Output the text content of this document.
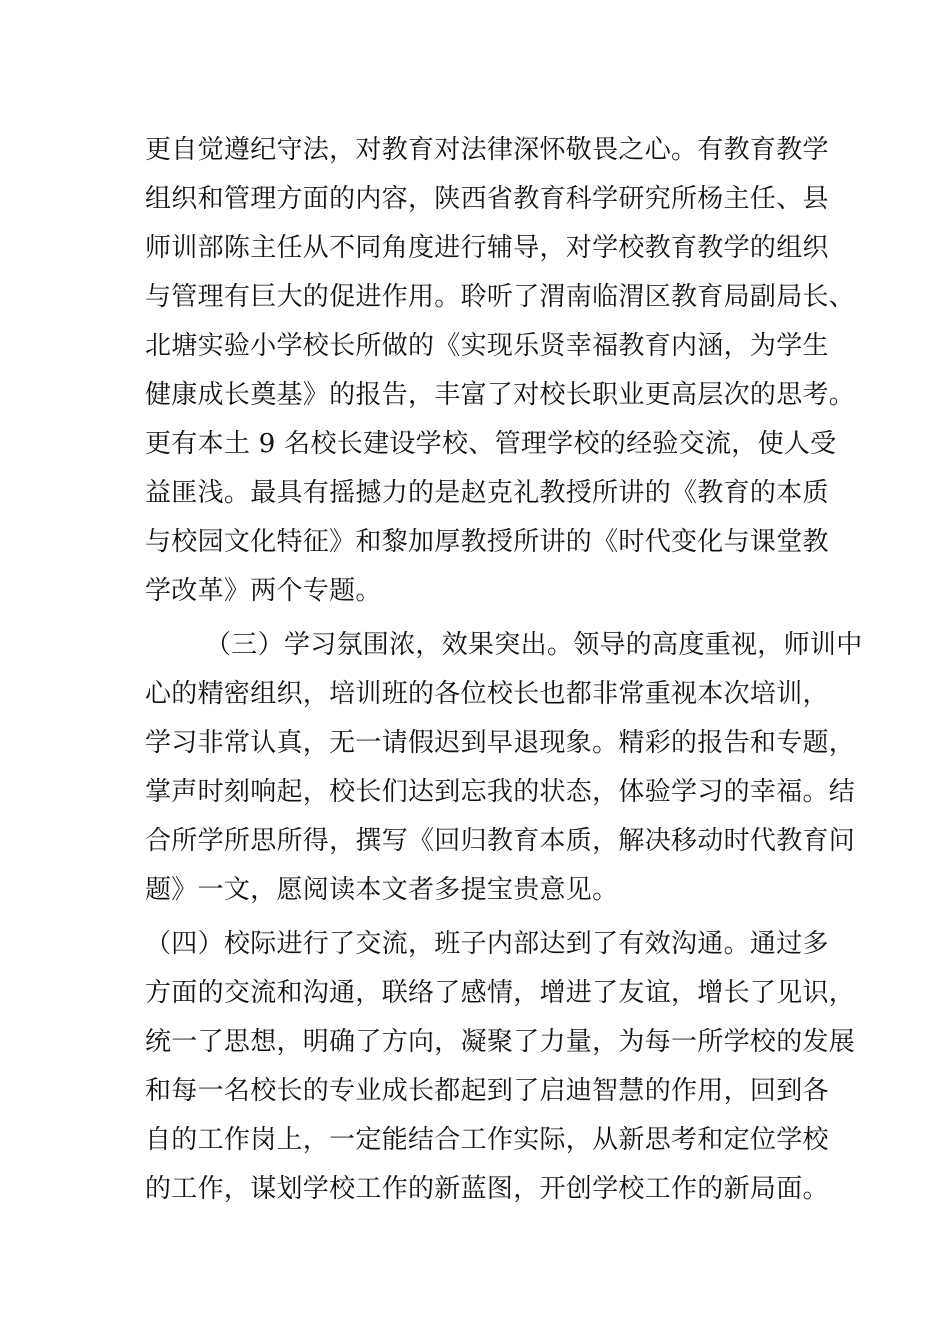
更自觉遵纪守法，对教育对法律深怀敬畏之心。有教育教学
组织和管理方面的内容，陕西省教育科学研究所杨主任、县
师训部陈主任从不同角度进行辅导，对学校教育教学的组织
与管理有巨大的促进作用。聆听了渭南临渭区教育局副局长、
北塘实验小学校长所做的《实现乐贤幸福教育内涵，为学生
健康成长奠基》的报告，丰富了对校长职业更高层次的思考。
更有本土 9 名校长建设学校、管理学校的经验交流，使人受
益匪浅。最具有摇撼力的是赵克礼教授所讲的《教育的本质
与校园文化特征》和黎加厚教授所讲的《时代变化与课堂教
学改革》两个专题。
（三）学习氛围浓，效果突出。领导的高度重视，师训中
心的精密组织，培训班的各位校长也都非常重视本次培训，
学习非常认真，无一请假迟到早退现象。精彩的报告和专题，
掌声时刻响起，校长们达到忘我的状态，体验学习的幸福。结
合所学所思所得，撰写《回归教育本质，解决移动时代教育问
题》一文，愿阅读本文者多提宝贵意见。
（四）校际进行了交流，班子内部达到了有效沟通。通过多
方面的交流和沟通，联络了感情，增进了友谊，增长了见识，
统一了思想，明确了方向，凝聚了力量，为每一所学校的发展
和每一名校长的专业成长都起到了启迪智慧的作用，回到各
自的工作岗上，一定能结合工作实际，从新思考和定位学校
的工作，谋划学校工作的新蓝图，开创学校工作的新局面。
